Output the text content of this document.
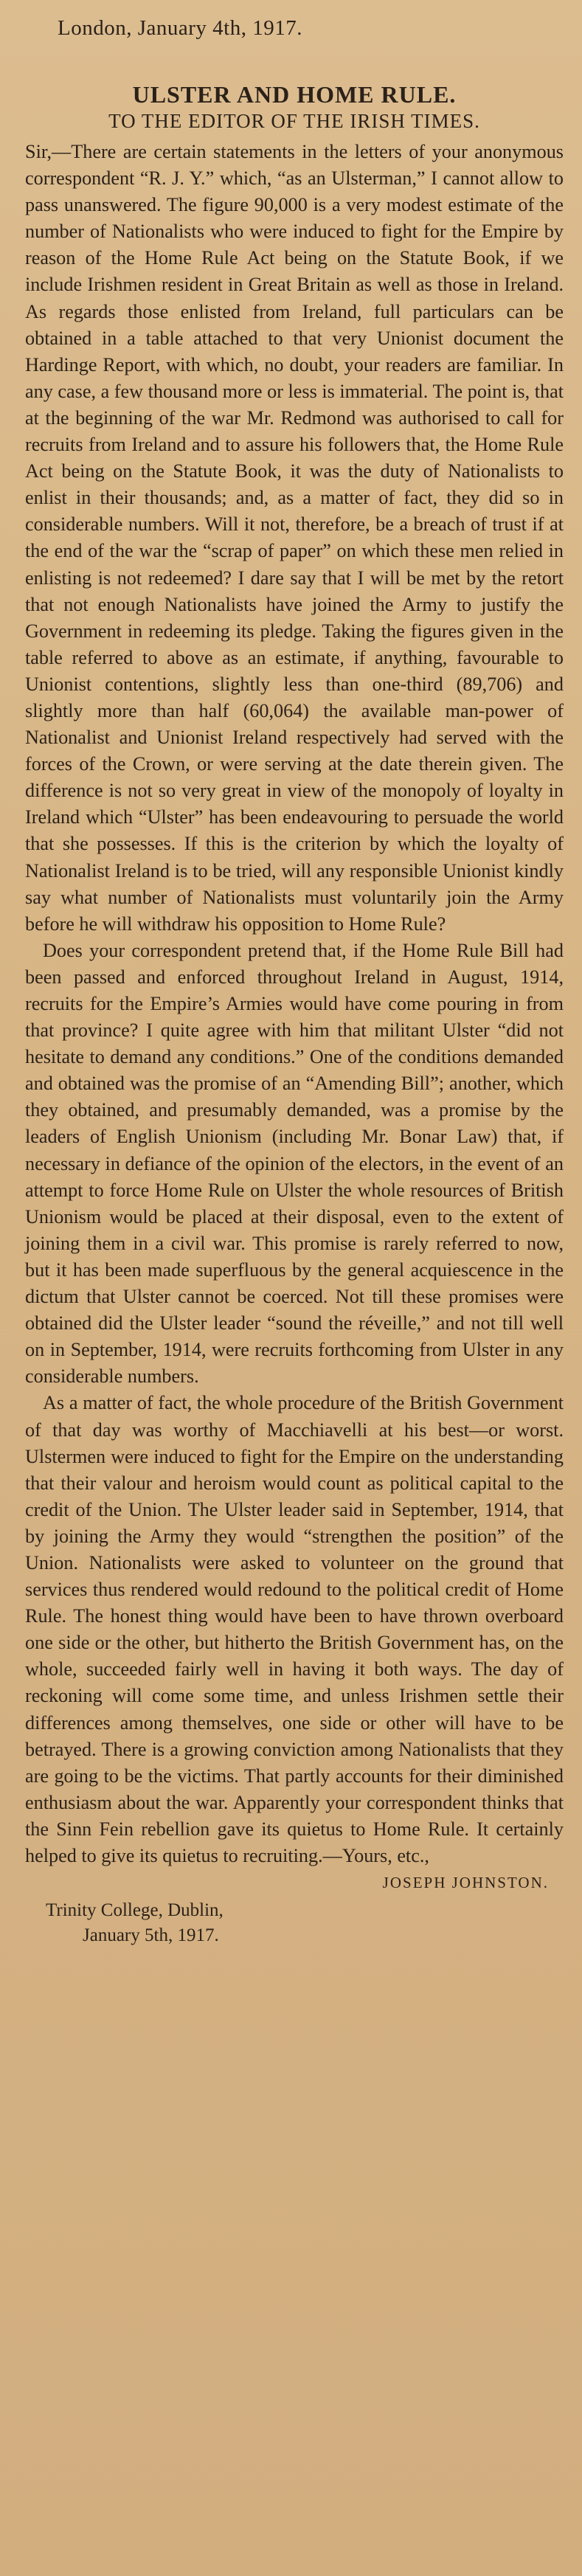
London, January 4th, 1917.
ULSTER AND HOME RULE.
TO THE EDITOR OF THE IRISH TIMES.

Sir,—There are certain statements in the letters of your anonymous correspondent “R. J. Y.” which, “as an Ulsterman,” I cannot allow to pass unanswered. The figure 90,000 is a very modest estimate of the number of Nationalists who were induced to fight for the Empire by reason of the Home Rule Act being on the Statute Book, if we include Irishmen resident in Great Britain as well as those in Ireland. As regards those enlisted from Ireland, full particulars can be obtained in a table attached to that very Unionist document the Hardinge Report, with which, no doubt, your readers are familiar. In any case, a few thousand more or less is immaterial. The point is, that at the beginning of the war Mr. Redmond was authorised to call for recruits from Ireland and to assure his followers that, the Home Rule Act being on the Statute Book, it was the duty of Nationalists to enlist in their thousands; and, as a matter of fact, they did so in considerable numbers. Will it not, therefore, be a breach of trust if at the end of the war the “scrap of paper” on which these men relied in enlisting is not redeemed? I dare say that I will be met by the retort that not enough Nationalists have joined the Army to justify the Government in redeeming its pledge. Taking the figures given in the table referred to above as an estimate, if anything, favourable to Unionist contentions, slightly less than one-third (89,706) and slightly more than half (60,064) the available man-power of Nationalist and Unionist Ireland respectively had served with the forces of the Crown, or were serving at the date therein given. The difference is not so very great in view of the monopoly of loyalty in Ireland which “Ulster” has been endeavouring to persuade the world that she possesses. If this is the criterion by which the loyalty of Nationalist Ireland is to be tried, will any responsible Unionist kindly say what number of Nationalists must voluntarily join the Army before he will withdraw his opposition to Home Rule?

Does your correspondent pretend that, if the Home Rule Bill had been passed and enforced throughout Ireland in August, 1914, recruits for the Empire’s Armies would have come pouring in from that province? I quite agree with him that militant Ulster “did not hesitate to demand any conditions.” One of the conditions demanded and obtained was the promise of an “Amending Bill”; another, which they obtained, and presumably demanded, was a promise by the leaders of English Unionism (including Mr. Bonar Law) that, if necessary in defiance of the opinion of the electors, in the event of an attempt to force Home Rule on Ulster the whole resources of British Unionism would be placed at their disposal, even to the extent of joining them in a civil war. This promise is rarely referred to now, but it has been made superfluous by the general acquiescence in the dictum that Ulster cannot be coerced. Not till these promises were obtained did the Ulster leader “sound the réveille,” and not till well on in September, 1914, were recruits forthcoming from Ulster in any considerable numbers.

As a matter of fact, the whole procedure of the British Government of that day was worthy of Macchiavelli at his best—or worst. Ulstermen were induced to fight for the Empire on the understanding that their valour and heroism would count as political capital to the credit of the Union. The Ulster leader said in September, 1914, that by joining the Army they would “strengthen the position” of the Union. Nationalists were asked to volunteer on the ground that services thus rendered would redound to the political credit of Home Rule. The honest thing would have been to have thrown overboard one side or the other, but hitherto the British Government has, on the whole, succeeded fairly well in having it both ways. The day of reckoning will come some time, and unless Irishmen settle their differences among themselves, one side or other will have to be betrayed. There is a growing conviction among Nationalists that they are going to be the victims. That partly accounts for their diminished enthusiasm about the war. Apparently your correspondent thinks that the Sinn Fein rebellion gave its quietus to Home Rule. It certainly helped to give its quietus to recruiting.—Yours, etc.,

JOSEPH JOHNSTON.
Trinity College, Dublin,
January 5th, 1917.
